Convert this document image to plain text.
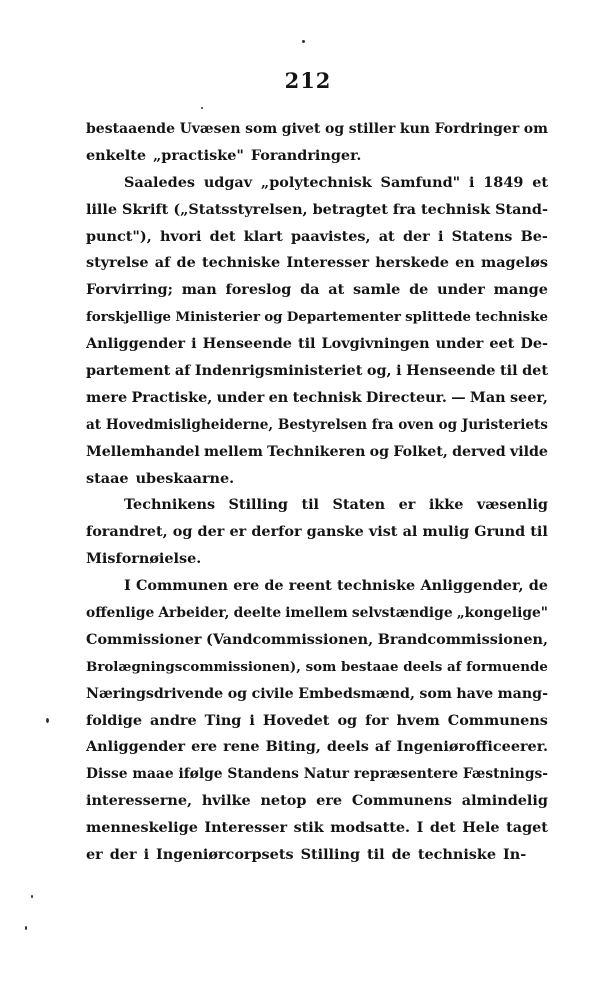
212
bestaaende Uvæsen som givet og stiller kun Fordringer om
enkelte „practiske" Forandringer.
Saaledes udgav „polytechnisk Samfund" i 1849 et
lille Skrift („Statsstyrelsen, betragtet fra technisk Stand-
punct"), hvori det klart paavistes, at der i Statens Be-
styrelse af de techniske Interesser herskede en mageløs
Forvirring; man foreslog da at samle de under mange
forskjellige Ministerier og Departementer splittede techniske
Anliggender i Henseende til Lovgivningen under eet De-
partement af Indenrigsministeriet og, i Henseende til det
mere Practiske, under en technisk Directeur. — Man seer,
at Hovedmisligheiderne, Bestyrelsen fra oven og Juristeriets
Mellemhandel mellem Technikeren og Folket, derved vilde
staae ubeskaarne.
Technikens Stilling til Staten er ikke væsenlig
forandret, og der er derfor ganske vist al mulig Grund til
Misfornøielse.
I Communen ere de reent techniske Anliggender, de
offenlige Arbeider, deelte imellem selvstændige „kongelige"
Commissioner (Vandcommissionen, Brandcommissionen,
Brolægningscommissionen), som bestaae deels af formuende
Næringsdrivende og civile Embedsmænd, som have mang-
foldige andre Ting i Hovedet og for hvem Communens
Anliggender ere rene Biting, deels af Ingeniørofficeerer.
Disse maae ifølge Standens Natur repræsentere Fæstnings-
interesserne, hvilke netop ere Communens almindelig
menneskelige Interesser stik modsatte. I det Hele taget
er der i Ingeniørcorpsets Stilling til de techniske In-
